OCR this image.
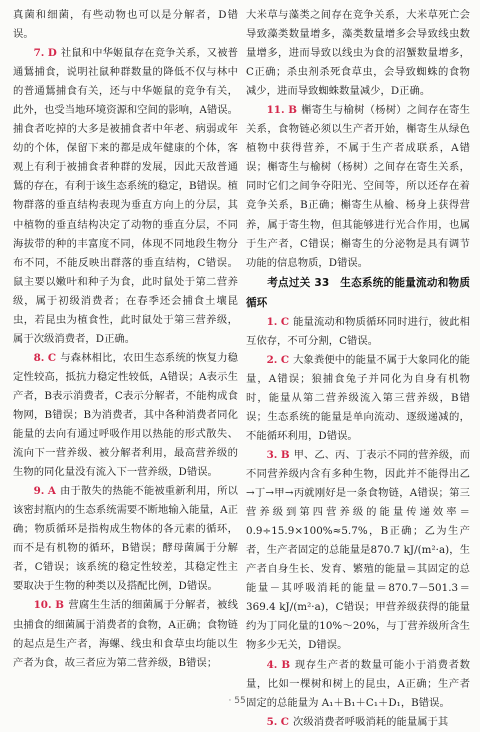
真菌和细菌，有些动物也可以是分解者，D错误。

7. D 社鼠和中华姬鼠存在竞争关系，又被普通鵟捕食，说明社鼠种群数量的降低不仅与林中的普通鵟捕食有关，还与中华姬鼠的竞争有关，此外，也受当地环境资源和空间的影响，A错误。捕食者吃掉的大多是被捕食者中年老、病弱或年幼的个体，保留下来的都是成年健康的个体，客观上有利于被捕食者种群的发展，因此天敌普通鵟的存在，有利于该生态系统的稳定，B错误。植物群落的垂直结构表现为垂直方向上的分层，其中植物的垂直结构决定了动物的垂直分层，不同海拔带的种的丰富度不同，体现不同地段生物分布不同，不能反映出群落的垂直结构，C错误。鼠主要以嫩叶和种子为食，此时鼠处于第二营养级，属于初级消费者；在春季还会捕食土壤昆虫，若昆虫为植食性，此时鼠处于第三营养级，属于次级消费者，D正确。

8. C 与森林相比，农田生态系统的恢复力稳定性较高，抵抗力稳定性较低，A错误；A表示生产者，B表示消费者，C表示分解者，不能构成食物网，B错误；B为消费者，其中各种消费者同化能量的去向有通过呼吸作用以热能的形式散失、流向下一营养级、被分解者利用，最高营养级的生物的同化量没有流入下一营养级，D错误。

9. A 由于散失的热能不能被重新利用，所以该密封瓶内的生态系统需要不断地输入能量，A正确；物质循环是指构成生物体的各元素的循环，而不是有机物的循环，B错误；酵母菌属于分解者，C错误；该系统的稳定性较差，其稳定性主要取决于生物的种类以及搭配比例，D错误。

10. B 营腐生生活的细菌属于分解者，被线虫捕食的细菌属于消费者的食物，A正确；食物链的起点是生产者，海螺、线虫和食草虫均能以生产者为食，故三者应为第二营养级，B错误；

大米草与藻类之间存在竞争关系，大米草死亡会导致藻类数量增多，藻类数量增多会导致线虫数量增多，进而导致以线虫为食的沼蟹数量增多，C正确；杀虫剂杀死食草虫，会导致蜘蛛的食物减少，进而导致蜘蛛数量减少，D正确。

11. B 槲寄生与榆树（杨树）之间存在寄生关系，食物链必须以生产者开始，槲寄生从绿色植物中获得营养，不属于生产者成联系，A错误；槲寄生与榆树（杨树）之间存在寄生关系，同时它们之间争夺阳光、空间等，所以还存在着竞争关系，B正确；槲寄生从榆、杨身上获得营养，属于寄生物，但其能够进行光合作用，也属于生产者，C错误；槲寄生的分泌物是具有调节功能的信息物质，D错误。

考点过关 33　生态系统的能量流动和物质循环

1. C 能量流动和物质循环同时进行，彼此相互依存，不可分割，C错误。

2. C 大象粪便中的能量不属于大象同化的能量，A错误；狼捕食兔子并同化为自身有机物时，能量从第二营养级流入第三营养级，B错误；生态系统的能量是单向流动、逐级递减的，不能循环利用，D错误。

3. B 甲、乙、丙、丁表示不同的营养级，而不同营养级内含有多种生物，因此并不能得出乙→丁→甲→丙就刚好是一条食物链，A错误；第三营养级到第四营养级的能量传递效率＝0.9÷15.9×100%≈5.7%，B正确；乙为生产者，生产者固定的总能量是870.7 kJ/(m²·a)，生产者自身生长、发育、繁殖的能量＝其固定的总能量－其呼吸消耗的能量＝870.7－501.3＝369.4 kJ/(m²·a)，C错误；甲营养级获得的能量约为丁同化量的10%～20%，与丁营养级所含生物多少无关，D错误。

4. B 现存生产者的数量可能小于消费者数量，比如一棵树和树上的昆虫，A正确；生产者固定的总能量为 A₁＋B₁＋C₁＋D₁，B错误。

5. C 次级消费者呼吸消耗的能量属于其

· 55 ·
